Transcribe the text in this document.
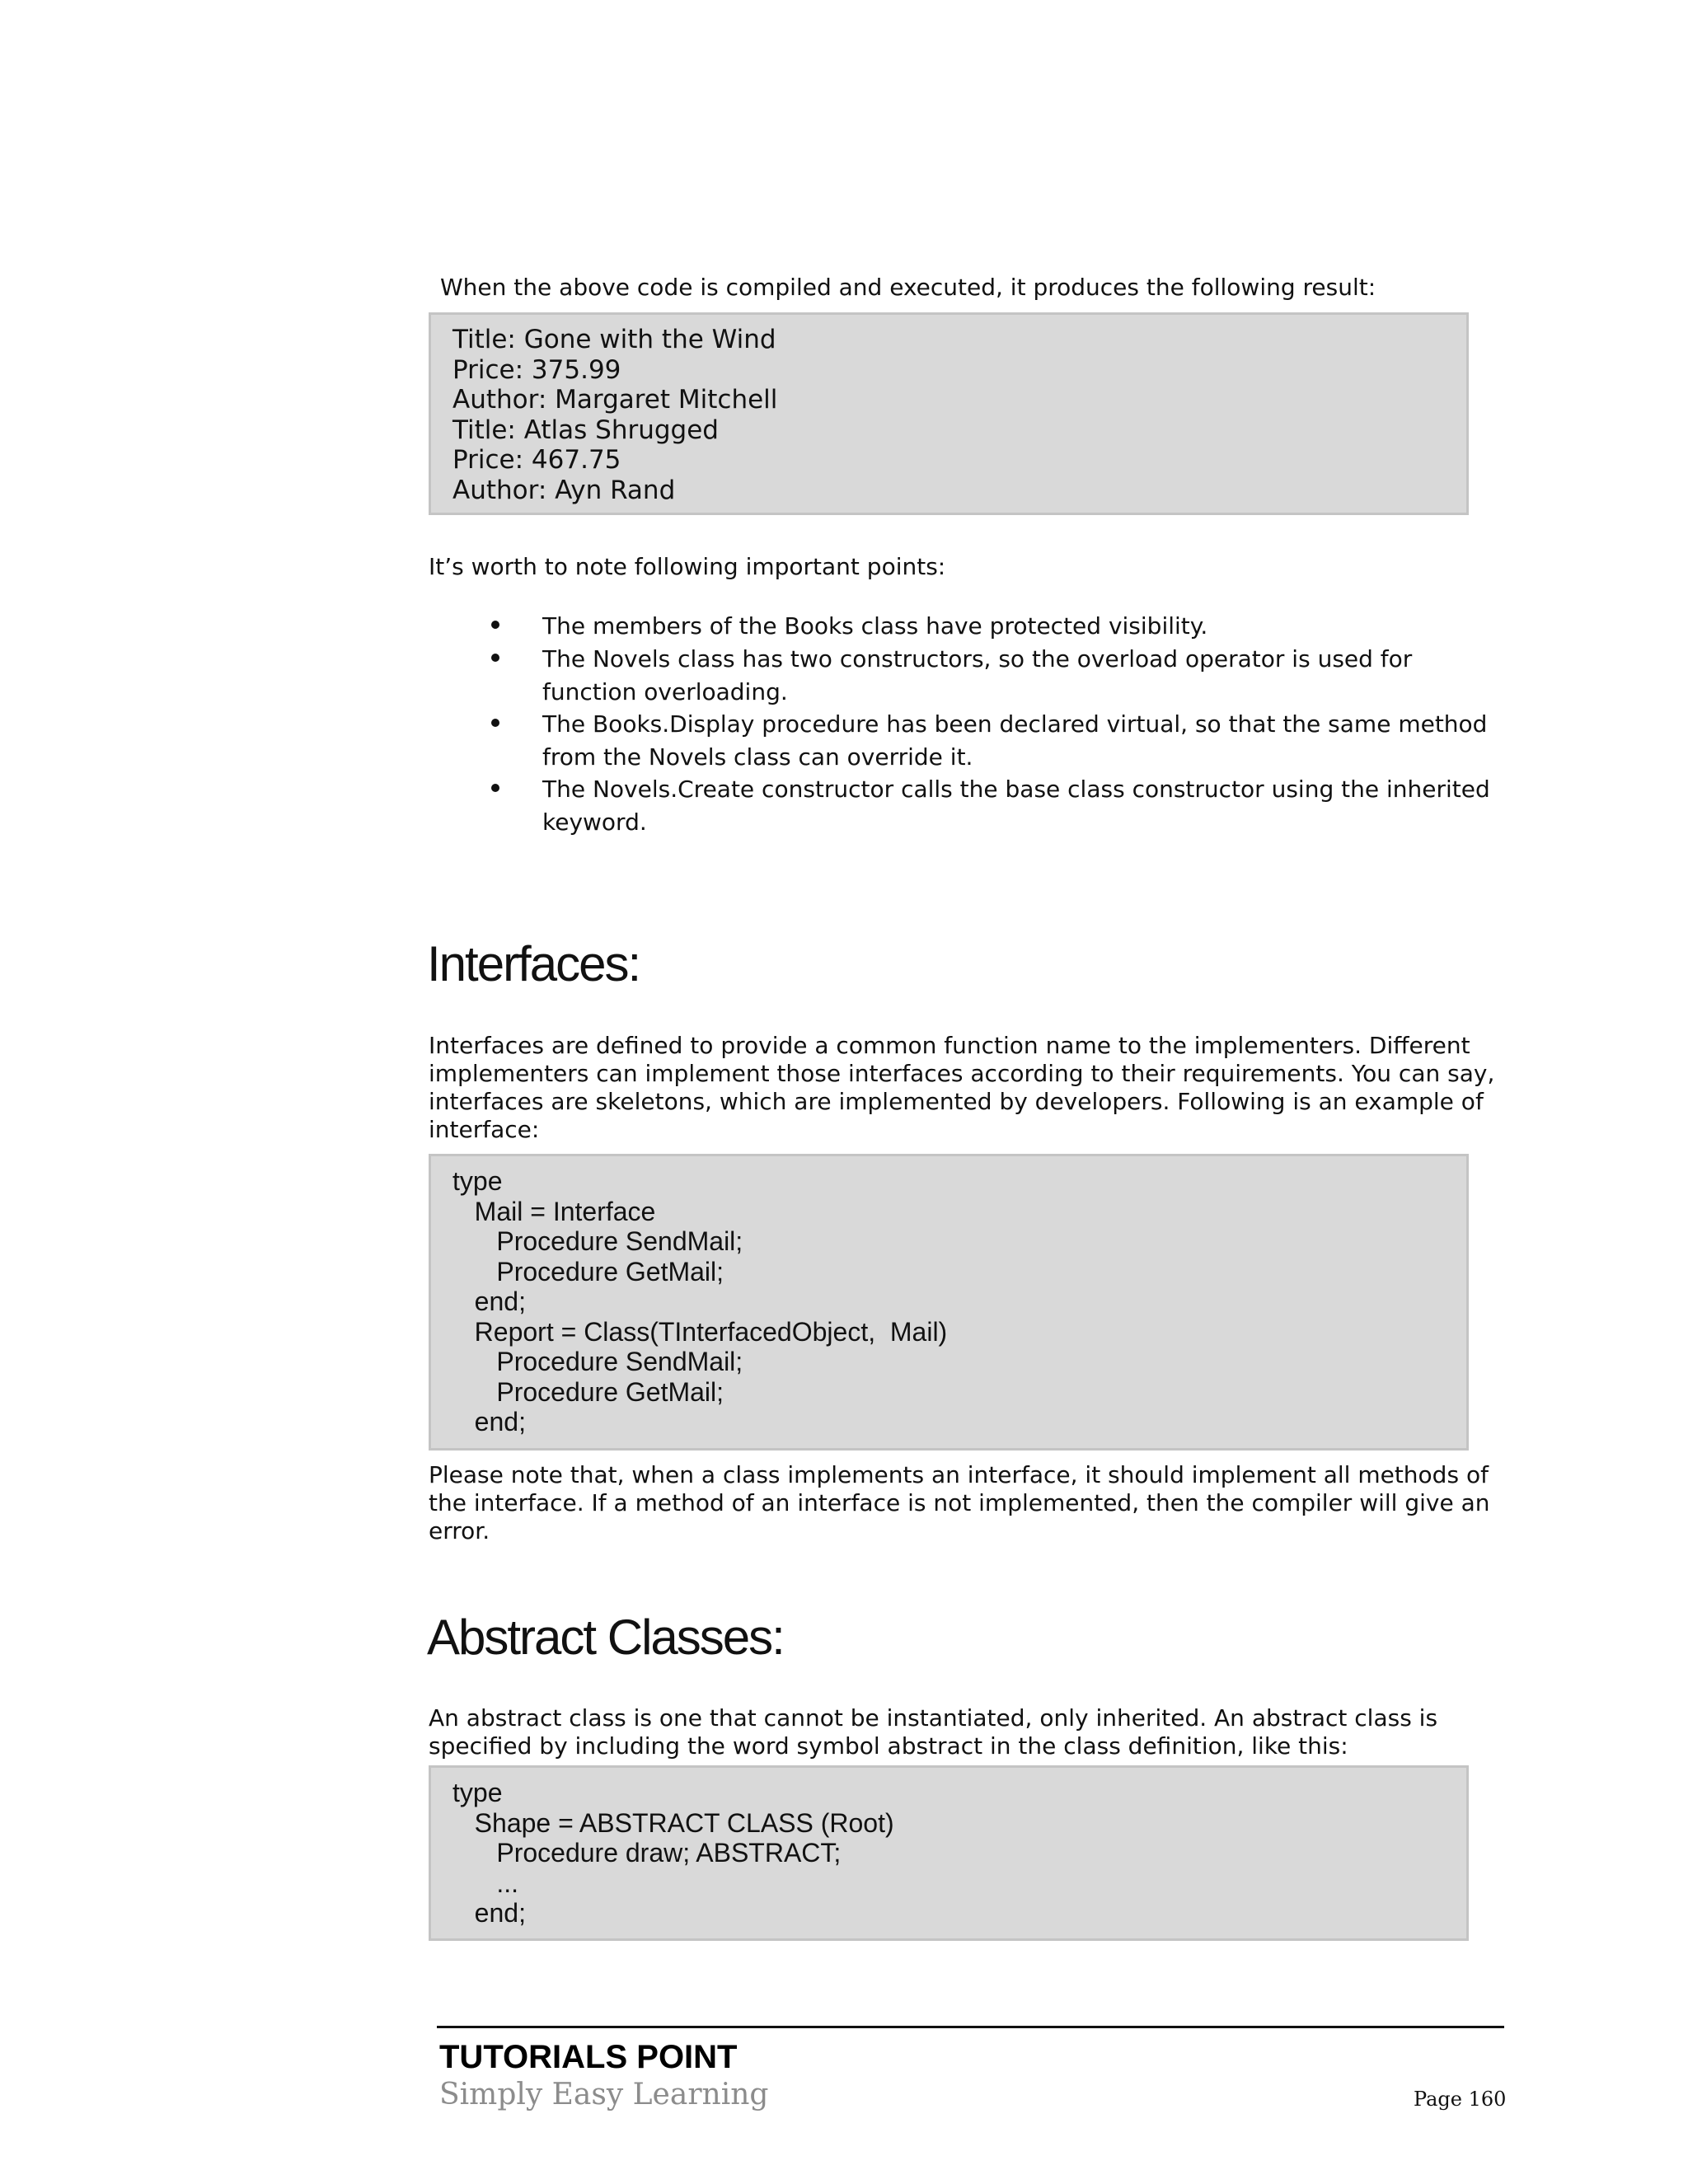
When the above code is compiled and executed, it produces the following result:
Title: Gone with the Wind
Price: 375.99
Author: Margaret Mitchell
Title: Atlas Shrugged
Price: 467.75
Author: Ayn Rand
It’s worth to note following important points:
The members of the Books class have protected visibility.
The Novels class has two constructors, so the overload operator is used for
function overloading.
The Books.Display procedure has been declared virtual, so that the same method
from the Novels class can override it.
The Novels.Create constructor calls the base class constructor using the inherited
keyword.
Interfaces:
Interfaces are defined to provide a common function name to the implementers. Different
implementers can implement those interfaces according to their requirements. You can say,
interfaces are skeletons, which are implemented by developers. Following is an example of
interface:
type
Mail = Interface
Procedure SendMail;
Procedure GetMail;
end;
Report = Class(TInterfacedObject,  Mail)
Procedure SendMail;
Procedure GetMail;
end;
Please note that, when a class implements an interface, it should implement all methods of
the interface. If a method of an interface is not implemented, then the compiler will give an
error.
Abstract Classes:
An abstract class is one that cannot be instantiated, only inherited. An abstract class is
specified by including the word symbol abstract in the class definition, like this:
type
Shape = ABSTRACT CLASS (Root)
Procedure draw; ABSTRACT;
...
end;
TUTORIALS POINT
Simply Easy Learning	Page 160
